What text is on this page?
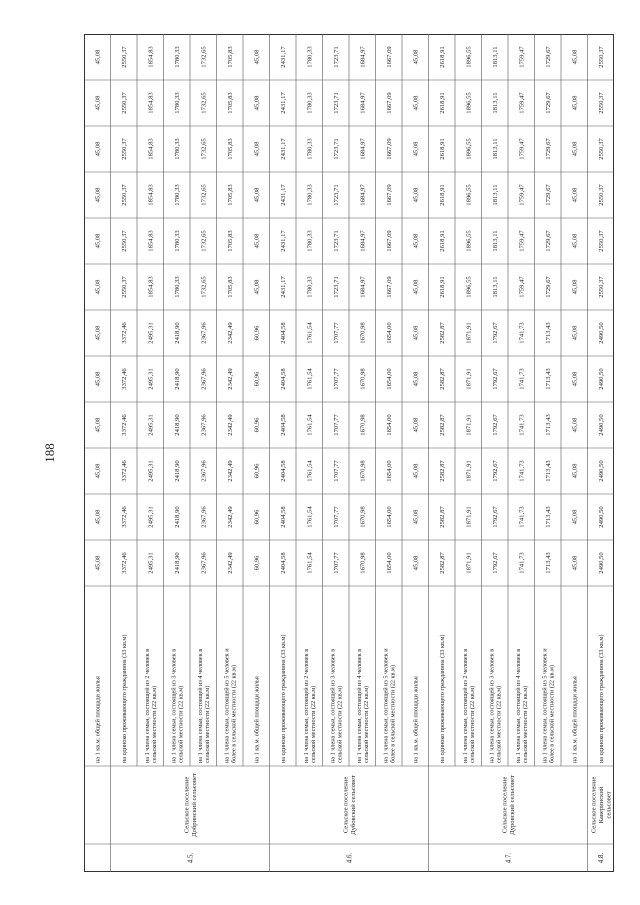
на 1 кв.м. общей площади жилья
45,08
45,08
45,08
45,08
45,08
45,08
45,08
45,08
45,08
45,08
45,08
45,08
на одиноко проживающего гражданина (33 кв.м)
3372,46
3372,46
3372,46
3372,46
3372,46
3372,46
2550,37
2550,37
2550,37
2550,37
2550,37
2550,37
на 1 члена семьи, состоящей из 2 человек всельской местности (22 кв.м)
2495,31
2495,31
2495,31
2495,31
2495,31
2495,31
1854,83
1854,83
1854,83
1854,83
1854,83
1854,83
на 1 члена семьи, состоящей из 3 человек всельской местности (22 кв.м)
2418,90
2418,90
2418,90
2418,90
2418,90
2418,90
1780,33
1780,33
1780,33
1780,33
1780,33
1780,33
на 1 члена семьи, состоящей из 4 человек всельской местности (22 кв.м)
2367,96
2367,96
2367,96
2367,96
2367,96
2367,96
1732,65
1732,65
1732,65
1732,65
1732,65
1732,65
на 1 члена семьи, состоящей из 5 человек иболее в сельской местности (22 кв.м)
2342,49
2342,49
2342,49
2342,49
2342,49
2342,49
1705,83
1705,83
1705,83
1705,83
1705,83
1705,83
на 1 кв.м. общей площади жилья
60,96
60,96
60,96
60,96
60,96
60,96
45,08
45,08
45,08
45,08
45,08
45,08
на одиноко проживающего гражданина (33 кв.м)
2404,58
2404,58
2404,58
2404,58
2404,58
2404,58
2431,17
2431,17
2431,17
2431,17
2431,17
2431,17
на 1 члена семьи, состоящей из 2 человек всельской местности (22 кв.м)
1761,54
1761,54
1761,54
1761,54
1761,54
1761,54
1780,33
1780,33
1780,33
1780,33
1780,33
1780,33
на 1 члена семьи, состоящей из 3 человек всельской местности (22 кв.м)
1707,77
1707,77
1707,77
1707,77
1707,77
1707,77
1723,71
1723,71
1723,71
1723,71
1723,71
1723,71
на 1 члена семьи, состоящей из 4 человек всельской местности (22 кв.м)
1670,98
1670,98
1670,98
1670,98
1670,98
1670,98
1684,97
1684,97
1684,97
1684,97
1684,97
1684,97
на 1 члена семьи, состоящей из 5 человек иболее в сельской местности (22 кв.м)
1654,00
1654,00
1654,00
1654,00
1654,00
1654,00
1667,09
1667,09
1667,09
1667,09
1667,09
1667,09
на 1 кв.м. общей площади жилья
45,08
45,08
45,08
45,08
45,08
45,08
45,08
45,08
45,08
45,08
45,08
45,08
на одиноко проживающего гражданина (33 кв.м)
2582,87
2582,87
2582,87
2582,87
2582,87
2582,87
2618,91
2618,91
2618,91
2618,91
2618,91
2618,91
на 1 члена семьи, состоящей из 2 человек всельской местности (22 кв.м)
1871,91
1871,91
1871,91
1871,91
1871,91
1871,91
1896,55
1896,55
1896,55
1896,55
1896,55
1896,55
на 1 члена семьи, состоящей из 3 человек всельской местности (22 кв.м)
1792,67
1792,67
1792,67
1792,67
1792,67
1792,67
1813,11
1813,11
1813,11
1813,11
1813,11
1813,11
на 1 члена семьи, состоящей из 4 человек всельской местности (22 кв.м)
1741,73
1741,73
1741,73
1741,73
1741,73
1741,73
1759,47
1759,47
1759,47
1759,47
1759,47
1759,47
на 1 члена семьи, состоящей из 5 человек иболее в сельской местности (22 кв.м)
1713,43
1713,43
1713,43
1713,43
1713,43
1713,43
1729,67
1729,67
1729,67
1729,67
1729,67
1729,67
на 1 кв.м. общей площади жилья
45,08
45,08
45,08
45,08
45,08
45,08
45,08
45,08
45,08
45,08
45,08
45,08
на одиноко проживающего гражданина (33 кв.м)
2490,50
2490,50
2490,50
2490,50
2490,50
2490,50
2550,37
2550,37
2550,37
2550,37
2550,37
2550,37
4.5.
Сельское поселениеДобринский сельсовет
4.6.
Сельское поселениеДубовский сельсовет
4.7.
Сельское поселениеДуровский сельсовет
4.8.
Сельское поселениеКаверинскийсельсовет
188
